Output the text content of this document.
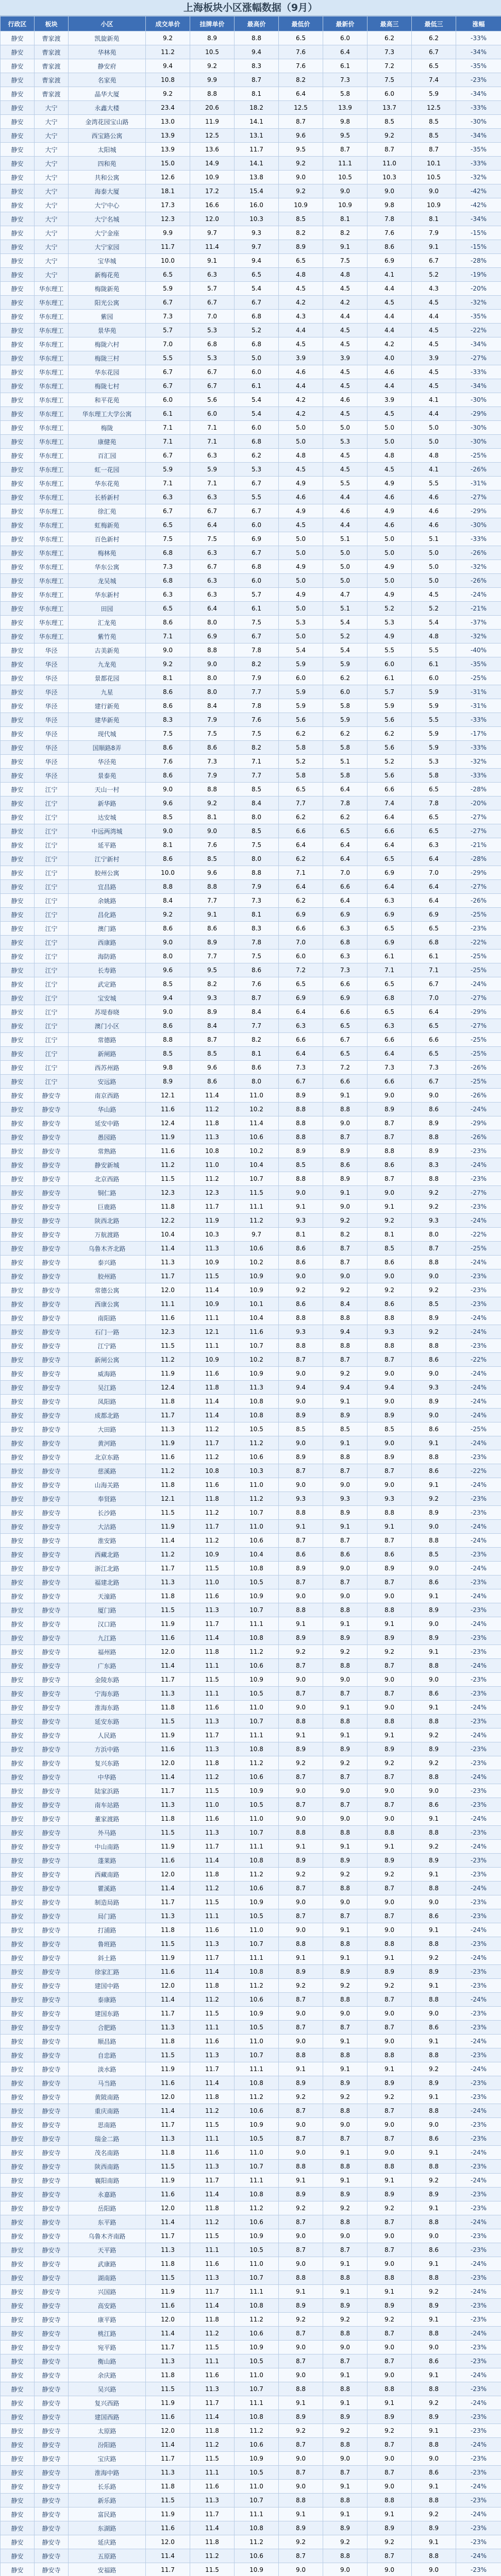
上海板块小区涨幅数据（9月）
行政区	板块	小区	成交单价	挂牌单价	最高价	最低价	最新价	最高三	最低三	涨幅
静安	曹家渡	凯旋新苑	9.2	8.9	8.8	6.5	6.0	6.2	6.2	-33%
静安	曹家渡	华林苑	11.2	10.5	9.4	7.6	6.4	7.3	6.7	-34%
静安	曹家渡	静安府	9.4	9.2	8.3	7.6	6.1	7.2	6.5	-35%
静安	曹家渡	名家苑	10.8	9.9	8.7	8.2	7.3	7.5	7.4	-23%
静安	曹家渡	晶华大厦	9.2	8.8	8.1	6.4	5.8	6.0	5.9	-34%
静安	大宁	永鑫大楼	23.4	20.6	18.2	12.5	13.9	13.7	12.5	-33%
静安	大宁	金湾花园宝山路	13.0	11.9	14.1	8.7	9.8	8.5	8.5	-30%
静安	大宁	西宝路公寓	13.9	12.5	13.1	9.6	9.5	9.2	8.5	-34%
静安	大宁	太阳城	13.9	13.6	11.7	9.5	8.7	8.7	8.7	-35%
静安	大宁	四和苑	15.0	14.9	14.1	9.2	11.1	11.0	10.1	-33%
静安	大宁	共和公寓	12.6	10.9	13.8	9.0	10.5	10.3	10.5	-32%
静安	大宁	海泰大厦	18.1	17.2	15.4	9.2	9.0	9.0	9.0	-42%
静安	大宁	大宁中心	17.3	16.6	16.0	10.9	10.9	9.8	10.9	-42%
静安	大宁	大宁名城	12.3	12.0	10.3	8.5	8.1	7.8	8.1	-34%
静安	大宁	大宁金座	9.9	9.7	9.3	8.2	8.2	7.6	7.9	-15%
静安	大宁	大宁家园	11.7	11.4	9.7	8.9	9.1	8.6	9.1	-15%
静安	大宁	宝华城	10.0	9.1	9.4	6.5	7.5	6.9	6.7	-28%
静安	大宁	新梅花苑	6.5	6.3	6.5	4.8	4.8	4.1	5.2	-19%
静安	华东理工	梅陇新苑	5.9	5.7	5.4	4.5	4.5	4.4	4.3	-20%
静安	华东理工	阳光公寓	6.7	6.7	6.7	4.2	4.2	4.5	4.5	-32%
静安	华东理工	紫园	7.3	7.0	6.8	4.3	4.4	4.4	4.4	-35%
静安	华东理工	景华苑	5.7	5.3	5.2	4.4	4.5	4.4	4.5	-22%
静安	华东理工	梅陇六村	7.0	6.8	6.8	4.5	4.5	4.2	4.5	-34%
静安	华东理工	梅陇三村	5.5	5.3	5.0	3.9	3.9	4.0	3.9	-27%
静安	华东理工	华东花园	6.7	6.7	6.0	4.6	4.5	4.6	4.5	-33%
静安	华东理工	梅陇七村	6.7	6.7	6.1	4.4	4.5	4.4	4.5	-34%
静安	华东理工	和平花苑	6.0	5.6	5.4	4.2	4.6	3.9	4.1	-30%
静安	华东理工	华东理工大学公寓	6.1	6.0	5.4	4.2	4.5	4.5	4.4	-29%
静安	华东理工	梅陇	7.1	7.1	6.0	5.0	5.0	5.0	5.0	-30%
静安	华东理工	康健苑	7.1	7.1	6.8	5.0	5.3	5.0	5.0	-30%
静安	华东理工	百汇园	6.7	6.3	6.2	4.8	4.5	4.8	4.8	-25%
静安	华东理工	虹一花园	5.9	5.9	5.3	4.5	4.5	4.5	4.1	-26%
静安	华东理工	华东花苑	7.1	7.1	6.7	4.9	5.5	4.9	5.5	-31%
静安	华东理工	长桥新村	6.3	6.3	5.5	4.6	4.4	4.6	4.6	-27%
静安	华东理工	徐汇苑	6.7	6.7	6.7	4.9	4.6	4.9	4.6	-29%
静安	华东理工	虹梅新苑	6.5	6.4	6.0	4.5	4.4	4.6	4.6	-30%
静安	华东理工	百色新村	7.5	7.5	6.9	5.0	5.1	5.0	5.1	-33%
静安	华东理工	梅林苑	6.8	6.3	6.7	5.0	5.0	5.0	5.0	-26%
静安	华东理工	华东公寓	7.3	6.7	6.8	4.9	5.0	4.9	5.0	-32%
静安	华东理工	龙吴城	6.8	6.3	6.0	5.0	5.0	5.0	5.0	-26%
静安	华东理工	华东新村	6.3	6.3	5.7	4.9	4.7	4.9	4.5	-24%
静安	华东理工	田园	6.5	6.4	6.1	5.0	5.1	5.2	5.2	-21%
静安	华东理工	汇龙苑	8.6	8.0	7.5	5.3	5.4	5.3	5.4	-37%
静安	华东理工	紫竹苑	7.1	6.9	6.7	5.0	5.2	4.9	4.8	-32%
静安	华泾	古美新苑	9.0	8.8	7.8	5.4	5.4	5.5	5.5	-40%
静安	华泾	九龙苑	9.2	9.0	8.2	5.9	5.9	6.0	6.1	-35%
静安	华泾	景都花园	8.1	8.0	7.9	6.0	6.2	6.1	6.0	-25%
静安	华泾	九星	8.6	8.0	7.7	5.9	6.0	5.7	5.9	-31%
静安	华泾	建行新苑	8.6	8.4	7.8	5.9	5.8	5.9	5.9	-31%
静安	华泾	建华新苑	8.3	7.9	7.6	5.6	5.9	5.6	5.5	-33%
静安	华泾	现代城	7.5	7.5	7.5	6.2	6.2	6.2	5.9	-17%
静安	华泾	国顺路8弄	8.6	8.6	8.2	5.8	5.8	5.6	5.9	-33%
静安	华泾	华泾苑	7.6	7.3	7.1	5.2	5.1	5.2	5.3	-32%
静安	华泾	景泰苑	8.6	7.9	7.7	5.8	5.8	5.6	5.8	-33%
静安	江宁	天山一村	9.0	8.8	8.5	6.5	6.4	6.6	6.5	-28%
静安	江宁	新华路	9.6	9.2	8.4	7.7	7.8	7.4	7.8	-20%
静安	江宁	达安城	8.5	8.1	8.0	6.2	6.2	6.4	6.5	-27%
静安	江宁	中远两湾城	9.0	9.0	8.5	6.6	6.5	6.6	6.5	-27%
静安	江宁	延平路	8.1	7.6	7.5	6.4	6.4	6.4	6.3	-21%
静安	江宁	江宁新村	8.6	8.5	8.0	6.2	6.4	6.5	6.4	-28%
静安	江宁	胶州公寓	10.0	9.6	8.8	7.1	7.0	6.9	7.0	-29%
静安	江宁	宜昌路	8.8	8.8	7.9	6.4	6.6	6.4	6.4	-27%
静安	江宁	余姚路	8.4	7.7	7.3	6.2	6.4	6.3	6.4	-26%
静安	江宁	昌化路	9.2	9.1	8.1	6.9	6.9	6.9	6.9	-25%
静安	江宁	澳门路	8.6	8.6	8.3	6.6	6.3	6.5	6.5	-23%
静安	江宁	西康路	9.0	8.9	7.8	7.0	6.8	6.9	6.8	-22%
静安	江宁	海防路	8.0	7.7	7.5	6.0	6.3	6.1	6.1	-25%
静安	江宁	长寿路	9.6	9.5	8.6	7.2	7.3	7.1	7.1	-25%
静安	江宁	武定路	8.5	8.2	7.6	6.5	6.6	6.5	6.7	-24%
静安	江宁	宝安城	9.4	9.3	8.7	6.9	6.9	6.8	7.0	-27%
静安	江宁	苏堤春晓	9.0	8.9	8.4	6.4	6.6	6.5	6.4	-29%
静安	江宁	澳门小区	8.6	8.4	7.7	6.3	6.5	6.3	6.5	-27%
静安	江宁	常德路	8.8	8.7	8.2	6.6	6.7	6.6	6.6	-25%
静安	江宁	新闸路	8.5	8.5	8.1	6.4	6.5	6.4	6.5	-25%
静安	江宁	西苏州路	9.8	9.6	8.6	7.3	7.2	7.3	7.3	-26%
静安	江宁	安远路	8.9	8.6	8.0	6.7	6.6	6.6	6.7	-25%
静安	静安寺	南京西路	12.1	11.4	11.0	8.9	9.1	9.0	9.0	-26%
静安	静安寺	华山路	11.6	11.2	10.2	8.8	8.8	8.9	8.6	-24%
静安	静安寺	延安中路	12.4	11.8	11.4	8.8	9.0	8.7	8.9	-29%
静安	静安寺	愚园路	11.9	11.3	10.6	8.8	8.7	8.7	8.8	-26%
静安	静安寺	常熟路	11.6	10.8	10.2	8.9	8.9	8.8	8.9	-23%
静安	静安寺	静安新城	11.2	11.0	10.4	8.5	8.6	8.6	8.3	-24%
静安	静安寺	北京西路	11.5	11.2	10.7	8.8	8.9	8.7	8.8	-23%
静安	静安寺	铜仁路	12.3	12.3	11.5	9.0	9.1	9.0	9.2	-27%
静安	静安寺	巨鹿路	11.8	11.7	11.1	9.1	9.0	9.1	9.2	-23%
静安	静安寺	陕西北路	12.2	11.9	11.2	9.3	9.2	9.2	9.3	-24%
静安	静安寺	万航渡路	10.4	10.3	9.7	8.1	8.2	8.1	8.0	-22%
静安	静安寺	乌鲁木齐北路	11.4	11.3	10.6	8.6	8.7	8.5	8.7	-25%
静安	静安寺	泰兴路	11.3	10.9	10.2	8.6	8.7	8.6	8.8	-24%
静安	静安寺	胶州路	11.7	11.5	10.9	9.0	9.0	9.0	9.0	-23%
静安	静安寺	常德公寓	12.0	11.4	10.9	9.2	9.2	9.2	9.2	-23%
静安	静安寺	西康公寓	11.1	10.9	10.1	8.6	8.4	8.6	8.5	-23%
静安	静安寺	南阳路	11.6	11.1	10.4	8.8	8.8	8.8	8.9	-24%
静安	静安寺	石门一路	12.3	12.1	11.6	9.3	9.4	9.3	9.2	-24%
静安	静安寺	江宁路	11.5	11.1	10.7	8.8	8.8	8.8	8.8	-23%
静安	静安寺	新闸公寓	11.2	10.9	10.2	8.7	8.7	8.7	8.6	-22%
静安	静安寺	威海路	11.9	11.6	10.9	9.0	9.2	9.0	9.0	-24%
静安	静安寺	吴江路	12.4	11.8	11.3	9.4	9.4	9.4	9.3	-24%
静安	静安寺	凤阳路	11.8	11.4	10.8	9.0	9.1	9.0	8.9	-24%
静安	静安寺	成都北路	11.7	11.4	10.8	8.9	8.9	8.9	9.0	-24%
静安	静安寺	大田路	11.3	11.2	10.5	8.5	8.5	8.5	8.6	-25%
静安	静安寺	黄河路	11.9	11.7	11.2	9.0	9.1	9.0	9.1	-24%
静安	静安寺	北京东路	11.6	11.2	10.6	8.9	8.8	8.9	8.8	-23%
静安	静安寺	慈溪路	11.2	10.8	10.3	8.7	8.7	8.7	8.6	-22%
静安	静安寺	山海关路	11.8	11.6	11.0	9.0	9.0	9.0	9.1	-24%
静安	静安寺	奉贤路	12.1	11.8	11.2	9.3	9.3	9.3	9.2	-23%
静安	静安寺	长沙路	11.5	11.2	10.7	8.8	8.9	8.8	8.9	-23%
静安	静安寺	大沽路	11.9	11.7	11.0	9.1	9.1	9.1	9.0	-24%
静安	静安寺	淮安路	11.4	11.2	10.6	8.7	8.7	8.7	8.8	-24%
静安	静安寺	西藏北路	11.2	10.9	10.4	8.6	8.6	8.6	8.5	-23%
静安	静安寺	浙江北路	11.7	11.5	10.8	8.9	9.0	8.9	9.0	-24%
静安	静安寺	福建北路	11.3	11.0	10.5	8.7	8.7	8.7	8.6	-23%
静安	静安寺	天潼路	11.8	11.6	10.9	9.0	9.0	9.0	9.1	-24%
静安	静安寺	厦门路	11.5	11.3	10.7	8.8	8.8	8.8	8.9	-23%
静安	静安寺	汉口路	11.9	11.7	11.1	9.1	9.1	9.1	9.0	-24%
静安	静安寺	九江路	11.6	11.4	10.8	8.9	8.9	8.9	8.9	-23%
静安	静安寺	福州路	12.0	11.8	11.2	9.2	9.2	9.2	9.1	-23%
静安	静安寺	广东路	11.4	11.1	10.6	8.7	8.8	8.7	8.8	-24%
静安	静安寺	金陵东路	11.7	11.5	10.9	9.0	9.0	9.0	9.0	-23%
静安	静安寺	宁海东路	11.3	11.1	10.5	8.7	8.7	8.7	8.6	-23%
静安	静安寺	淮海东路	11.8	11.6	11.0	9.0	9.1	9.0	9.1	-24%
静安	静安寺	延安东路	11.5	11.3	10.7	8.8	8.8	8.8	8.8	-23%
静安	静安寺	人民路	11.9	11.7	11.1	9.1	9.1	9.1	9.2	-24%
静安	静安寺	方浜中路	11.6	11.3	10.8	8.9	8.9	8.9	8.9	-23%
静安	静安寺	复兴东路	12.0	11.8	11.2	9.2	9.2	9.2	9.2	-23%
静安	静安寺	中华路	11.4	11.2	10.6	8.7	8.7	8.7	8.8	-24%
静安	静安寺	陆家浜路	11.7	11.5	10.9	9.0	9.0	9.0	9.0	-23%
静安	静安寺	南车站路	11.3	11.0	10.5	8.7	8.7	8.7	8.6	-23%
静安	静安寺	董家渡路	11.8	11.6	11.0	9.0	9.0	9.0	9.1	-24%
静安	静安寺	外马路	11.5	11.3	10.7	8.8	8.8	8.8	8.8	-23%
静安	静安寺	中山南路	11.9	11.7	11.1	9.1	9.1	9.1	9.2	-24%
静安	静安寺	蓬莱路	11.6	11.4	10.8	8.9	8.9	8.9	8.9	-23%
静安	静安寺	西藏南路	12.0	11.8	11.2	9.2	9.2	9.2	9.1	-23%
静安	静安寺	瞿溪路	11.4	11.2	10.6	8.7	8.8	8.7	8.8	-24%
静安	静安寺	制造局路	11.7	11.5	10.9	9.0	9.0	9.0	9.0	-23%
静安	静安寺	局门路	11.3	11.1	10.5	8.7	8.7	8.7	8.6	-23%
静安	静安寺	打浦路	11.8	11.6	11.0	9.0	9.1	9.0	9.1	-24%
静安	静安寺	鲁班路	11.5	11.3	10.7	8.8	8.8	8.8	8.8	-23%
静安	静安寺	斜土路	11.9	11.7	11.1	9.1	9.1	9.1	9.2	-24%
静安	静安寺	徐家汇路	11.6	11.4	10.8	8.9	8.9	8.9	8.9	-23%
静安	静安寺	建国中路	12.0	11.8	11.2	9.2	9.2	9.2	9.1	-23%
静安	静安寺	泰康路	11.4	11.2	10.6	8.7	8.8	8.7	8.8	-24%
静安	静安寺	建国东路	11.7	11.5	10.9	9.0	9.0	9.0	9.0	-23%
静安	静安寺	合肥路	11.3	11.1	10.5	8.7	8.7	8.7	8.6	-23%
静安	静安寺	顺昌路	11.8	11.6	11.0	9.0	9.1	9.0	9.1	-24%
静安	静安寺	自忠路	11.5	11.3	10.7	8.8	8.8	8.8	8.8	-23%
静安	静安寺	淡水路	11.9	11.7	11.1	9.1	9.1	9.1	9.2	-24%
静安	静安寺	马当路	11.6	11.4	10.8	8.9	8.9	8.9	8.9	-23%
静安	静安寺	黄陂南路	12.0	11.8	11.2	9.2	9.2	9.2	9.1	-23%
静安	静安寺	重庆南路	11.4	11.2	10.6	8.7	8.8	8.7	8.8	-24%
静安	静安寺	思南路	11.7	11.5	10.9	9.0	9.0	9.0	9.0	-23%
静安	静安寺	瑞金二路	11.3	11.1	10.5	8.7	8.7	8.7	8.6	-23%
静安	静安寺	茂名南路	11.8	11.6	11.0	9.0	9.1	9.0	9.1	-24%
静安	静安寺	陕西南路	11.5	11.3	10.7	8.8	8.8	8.8	8.8	-23%
静安	静安寺	襄阳南路	11.9	11.7	11.1	9.1	9.1	9.1	9.2	-24%
静安	静安寺	永嘉路	11.6	11.4	10.8	8.9	8.9	8.9	8.9	-23%
静安	静安寺	岳阳路	12.0	11.8	11.2	9.2	9.2	9.2	9.1	-23%
静安	静安寺	东平路	11.4	11.2	10.6	8.7	8.8	8.7	8.8	-24%
静安	静安寺	乌鲁木齐南路	11.7	11.5	10.9	9.0	9.0	9.0	9.0	-23%
静安	静安寺	天平路	11.3	11.1	10.5	8.7	8.7	8.7	8.6	-23%
静安	静安寺	武康路	11.8	11.6	11.0	9.0	9.1	9.0	9.1	-24%
静安	静安寺	湖南路	11.5	11.3	10.7	8.8	8.8	8.8	8.8	-23%
静安	静安寺	兴国路	11.9	11.7	11.1	9.1	9.1	9.1	9.2	-24%
静安	静安寺	高安路	11.6	11.4	10.8	8.9	8.9	8.9	8.9	-23%
静安	静安寺	康平路	12.0	11.8	11.2	9.2	9.2	9.2	9.1	-23%
静安	静安寺	桃江路	11.4	11.2	10.6	8.7	8.8	8.7	8.8	-24%
静安	静安寺	宛平路	11.7	11.5	10.9	9.0	9.0	9.0	9.0	-23%
静安	静安寺	衡山路	11.3	11.1	10.5	8.7	8.7	8.7	8.6	-23%
静安	静安寺	余庆路	11.8	11.6	11.0	9.0	9.1	9.0	9.1	-24%
静安	静安寺	吴兴路	11.5	11.3	10.7	8.8	8.8	8.8	8.8	-23%
静安	静安寺	复兴西路	11.9	11.7	11.1	9.1	9.1	9.1	9.2	-24%
静安	静安寺	建国西路	11.6	11.4	10.8	8.9	8.9	8.9	8.9	-23%
静安	静安寺	太原路	12.0	11.8	11.2	9.2	9.2	9.2	9.1	-23%
静安	静安寺	汾阳路	11.4	11.2	10.6	8.7	8.8	8.7	8.8	-24%
静安	静安寺	宝庆路	11.7	11.5	10.9	9.0	9.0	9.0	9.0	-23%
静安	静安寺	淮海中路	11.3	11.1	10.5	8.7	8.7	8.7	8.6	-23%
静安	静安寺	长乐路	11.8	11.6	11.0	9.0	9.1	9.0	9.1	-24%
静安	静安寺	新乐路	11.5	11.3	10.7	8.8	8.8	8.8	8.8	-23%
静安	静安寺	富民路	11.9	11.7	11.1	9.1	9.1	9.1	9.2	-24%
静安	静安寺	东湖路	11.6	11.4	10.8	8.9	8.9	8.9	8.9	-23%
静安	静安寺	延庆路	12.0	11.8	11.2	9.2	9.2	9.2	9.1	-23%
静安	静安寺	五原路	11.4	11.2	10.6	8.7	8.8	8.7	8.8	-24%
静安	静安寺	安福路	11.7	11.5	10.9	9.0	9.0	9.0	9.0	-23%
